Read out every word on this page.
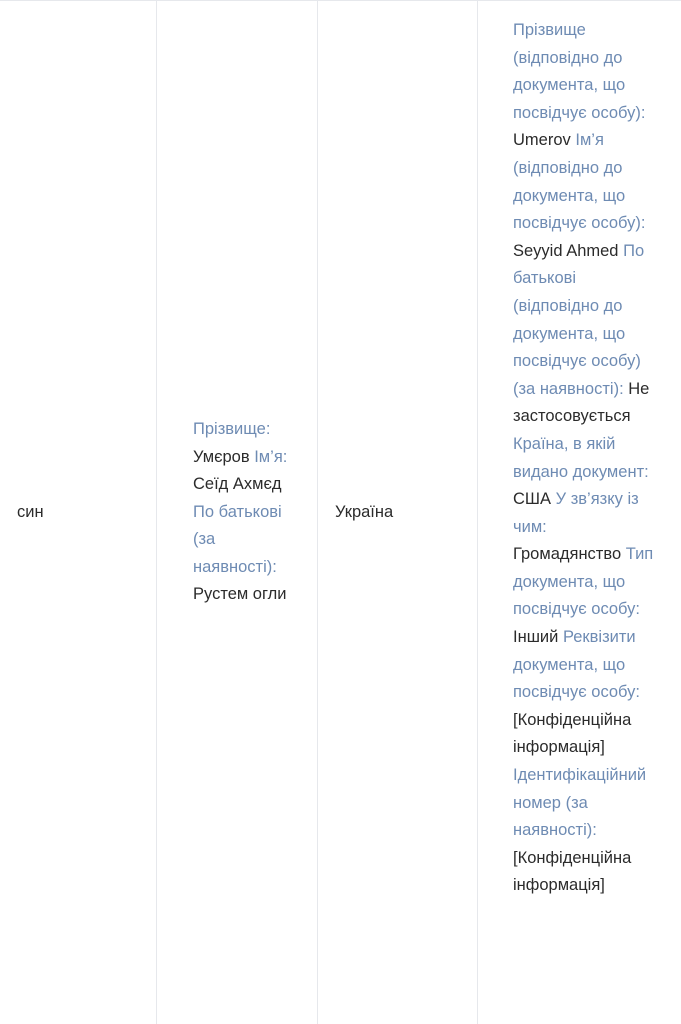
син
Прізвище: Умєров Ім’я: Сеїд Ахмєд По батькові (за наявності): Рустем огли
Україна
Прізвище (відповідно до документа, що посвідчує особу): Umerov Ім’я (відповідно до документа, що посвідчує особу): Seyyid Ahmed По батькові (відповідно до документа, що посвідчує особу) (за наявності): Не застосовується Країна, в якій видано документ: США У зв’язку із чим: Громадянство Тип документа, що посвідчує особу: Інший Реквізити документа, що посвідчує особу: [Конфіденційна інформація] Ідентифікаційний номер (за наявності): [Конфіденційна інформація]
